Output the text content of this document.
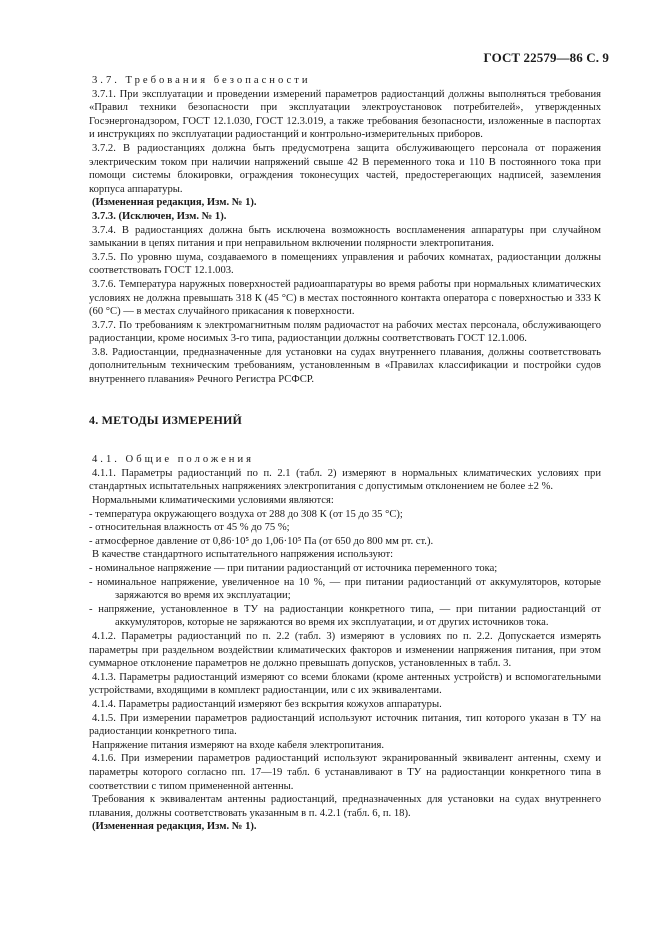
ГОСТ 22579—86 С. 9

3.7. Требования безопасности

3.7.1. При эксплуатации и проведении измерений параметров радиостанций должны выполняться требования «Правил техники безопасности при эксплуатации электроустановок потребителей», утвержденных Госэнергонадзором, ГОСТ 12.1.030, ГОСТ 12.3.019, а также требования безопасности, изложенные в паспортах и инструкциях по эксплуатации радиостанций и контрольно-измерительных приборов.

3.7.2. В радиостанциях должна быть предусмотрена защита обслуживающего персонала от поражения электрическим током при наличии напряжений свыше 42 В переменного тока и 110 В постоянного тока при помощи системы блокировки, ограждения токонесущих частей, предостерегающих надписей, заземления корпуса аппаратуры.

(Измененная редакция, Изм. № 1).

3.7.3. (Исключен, Изм. № 1).

3.7.4. В радиостанциях должна быть исключена возможность воспламенения аппаратуры при случайном замыкании в цепях питания и при неправильном включении полярности электропитания.

3.7.5. По уровню шума, создаваемого в помещениях управления и рабочих комнатах, радиостанции должны соответствовать ГОСТ 12.1.003.

3.7.6. Температура наружных поверхностей радиоаппаратуры во время работы при нормальных климатических условиях не должна превышать 318 К (45 °С) в местах постоянного контакта оператора с поверхностью и 333 К (60 °С) — в местах случайного прикасания к поверхности.

3.7.7. По требованиям к электромагнитным полям радиочастот на рабочих местах персонала, обслуживающего радиостанции, кроме носимых 3-го типа, радиостанции должны соответствовать ГОСТ 12.1.006.

3.8. Радиостанции, предназначенные для установки на судах внутреннего плавания, должны соответствовать дополнительным техническим требованиям, установленным в «Правилах классификации и постройки судов внутреннего плавания» Речного Регистра РСФСР.

4. МЕТОДЫ ИЗМЕРЕНИЙ

4.1. Общие положения

4.1.1. Параметры радиостанций по п. 2.1 (табл. 2) измеряют в нормальных климатических условиях при стандартных испытательных напряжениях электропитания с допустимым отклонением не более ±2 %.

Нормальными климатическими условиями являются:

- температура окружающего воздуха от 288 до 308 К (от 15 до 35 °С);

- относительная влажность от 45 % до 75 %;

- атмосферное давление от 0,86·10⁵ до 1,06·10⁵ Па (от 650 до 800 мм рт. ст.).

В качестве стандартного испытательного напряжения используют:

- номинальное напряжение — при питании радиостанций от источника переменного тока;

- номинальное напряжение, увеличенное на 10 %, — при питании радиостанций от аккумуляторов, которые заряжаются во время их эксплуатации;

- напряжение, установленное в ТУ на радиостанции конкретного типа, — при питании радиостанций от аккумуляторов, которые не заряжаются во время их эксплуатации, и от других источников тока.

4.1.2. Параметры радиостанций по п. 2.2 (табл. 3) измеряют в условиях по п. 2.2. Допускается измерять параметры при раздельном воздействии климатических факторов и изменении напряжения питания, при этом суммарное отклонение параметров не должно превышать допусков, установленных в табл. 3.

4.1.3. Параметры радиостанций измеряют со всеми блоками (кроме антенных устройств) и вспомогательными устройствами, входящими в комплект радиостанции, или с их эквивалентами.

4.1.4. Параметры радиостанций измеряют без вскрытия кожухов аппаратуры.

4.1.5. При измерении параметров радиостанций используют источник питания, тип которого указан в ТУ на радиостанции конкретного типа.

Напряжение питания измеряют на входе кабеля электропитания.

4.1.6. При измерении параметров радиостанций используют экранированный эквивалент антенны, схему и параметры которого согласно пп. 17—19 табл. 6 устанавливают в ТУ на радиостанции конкретного типа в соответствии с типом примененной антенны.

Требования к эквивалентам антенны радиостанций, предназначенных для установки на судах внутреннего плавания, должны соответствовать указанным в п. 4.2.1 (табл. 6, п. 18).

(Измененная редакция, Изм. № 1).
